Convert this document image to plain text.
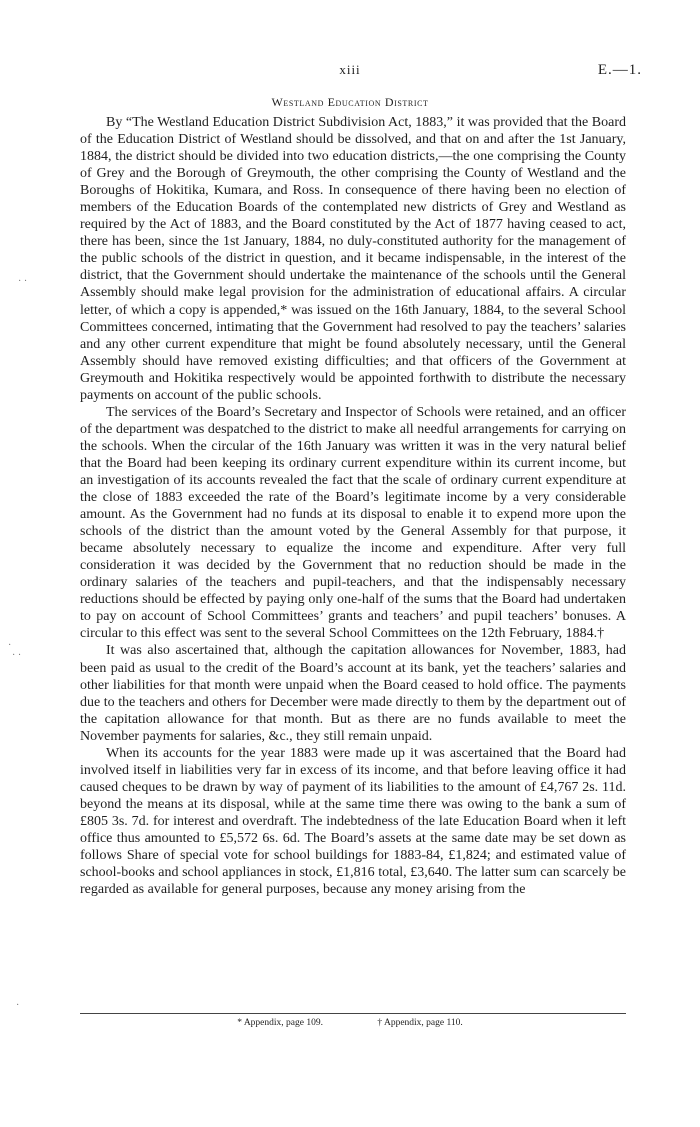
xiii	E.—1.
Westland Education District

By “The Westland Education District Subdivision Act, 1883,” it was provided that the Board of the Education District of Westland should be dissolved, and that on and after the 1st January, 1884, the district should be divided into two education districts,—the one comprising the County of Grey and the Borough of Greymouth, the other comprising the County of Westland and the Boroughs of Hokitika, Kumara, and Ross. In consequence of there having been no election of members of the Education Boards of the contemplated new districts of Grey and Westland as required by the Act of 1883, and the Board constituted by the Act of 1877 having ceased to act, there has been, since the 1st January, 1884, no duly-constituted authority for the management of the public schools of the district in question, and it became indispensable, in the interest of the district, that the Government should undertake the maintenance of the schools until the General Assembly should make legal provision for the administration of educational affairs. A circular letter, of which a copy is appended,* was issued on the 16th January, 1884, to the several School Committees concerned, intimating that the Government had resolved to pay the teachers’ salaries and any other current expenditure that might be found absolutely necessary, until the General Assembly should have removed existing difficulties; and that officers of the Government at Greymouth and Hokitika respectively would be appointed forthwith to distribute the necessary payments on account of the public schools.

The services of the Board’s Secretary and Inspector of Schools were retained, and an officer of the department was despatched to the district to make all needful arrangements for carrying on the schools. When the circular of the 16th January was written it was in the very natural belief that the Board had been keeping its ordinary current expenditure within its current income, but an investigation of its accounts revealed the fact that the scale of ordinary current expenditure at the close of 1883 exceeded the rate of the Board’s legitimate income by a very considerable amount. As the Government had no funds at its disposal to enable it to expend more upon the schools of the district than the amount voted by the General Assembly for that purpose, it became absolutely necessary to equalize the income and expenditure. After very full consideration it was decided by the Government that no reduction should be made in the ordinary salaries of the teachers and pupil-teachers, and that the indispensably necessary reductions should be effected by paying only one-half of the sums that the Board had undertaken to pay on account of School Committees’ grants and teachers’ and pupil teachers’ bonuses. A circular to this effect was sent to the several School Committees on the 12th February, 1884.†

It was also ascertained that, although the capitation allowances for November, 1883, had been paid as usual to the credit of the Board’s account at its bank, yet the teachers’ salaries and other liabilities for that month were unpaid when the Board ceased to hold office. The payments due to the teachers and others for December were made directly to them by the department out of the capitation allowance for that month. But as there are no funds available to meet the November payments for salaries, &c., they still remain unpaid.

When its accounts for the year 1883 were made up it was ascertained that the Board had involved itself in liabilities very far in excess of its income, and that before leaving office it had caused cheques to be drawn by way of payment of its liabilities to the amount of £4,767 2s. 11d. beyond the means at its disposal, while at the same time there was owing to the bank a sum of £805 3s. 7d. for interest and overdraft. The indebtedness of the late Education Board when it left office thus amounted to £5,572 6s. 6d. The Board’s assets at the same date may be set down as follows Share of special vote for school buildings for 1883-84, £1,824; and estimated value of school-books and school appliances in stock, £1,816 total, £3,640. The latter sum can scarcely be regarded as available for general purposes, because any money arising from the

* Appendix, page 109.	† Appendix, page 110.
· ·
·
· ·
·
